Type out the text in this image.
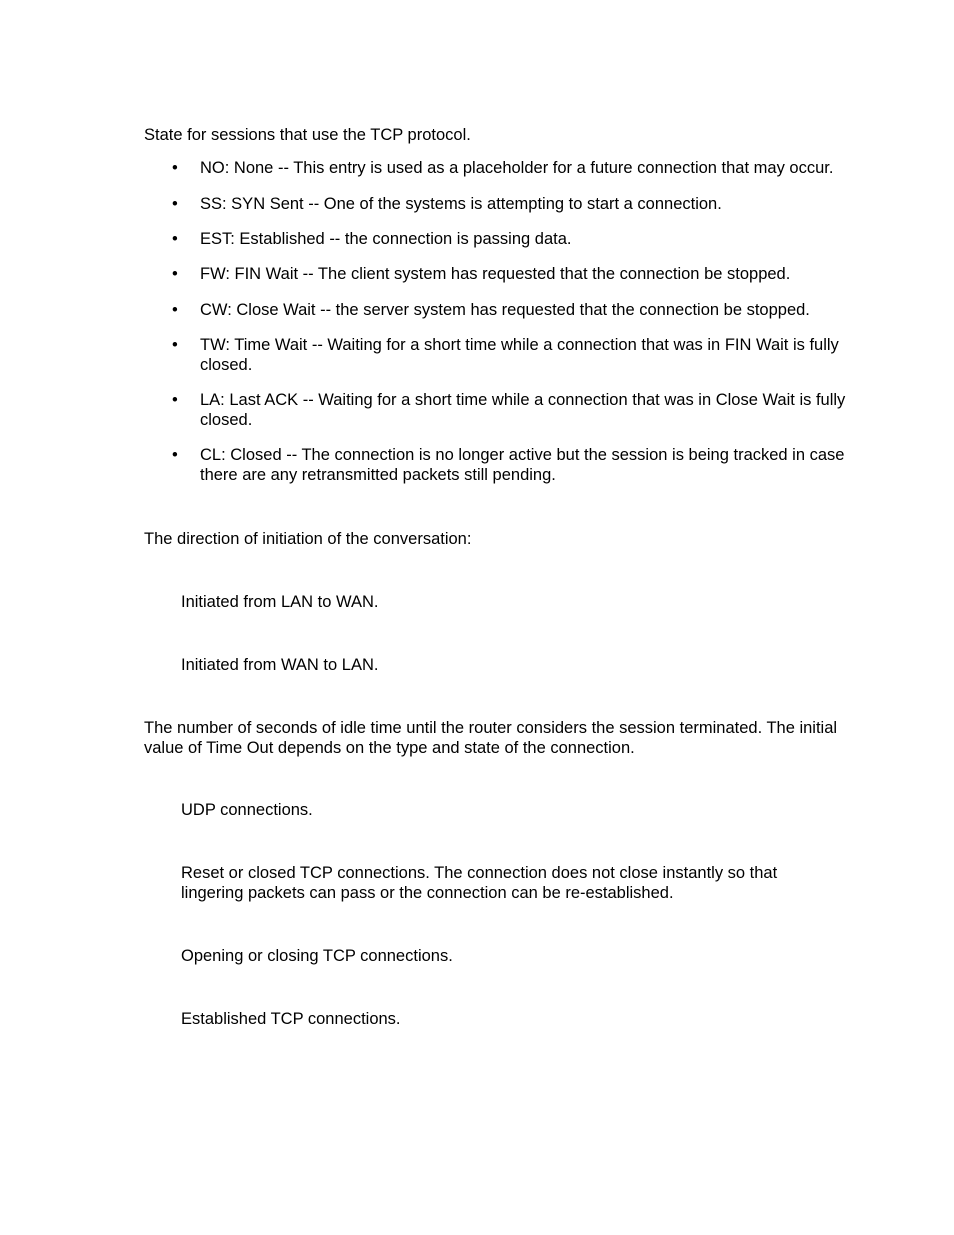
State for sessions that use the TCP protocol.

• NO: None -- This entry is used as a placeholder for a future connection that may occur.
• SS: SYN Sent -- One of the systems is attempting to start a connection.
• EST: Established -- the connection is passing data.
• FW: FIN Wait -- The client system has requested that the connection be stopped.
• CW: Close Wait -- the server system has requested that the connection be stopped.
• TW: Time Wait -- Waiting for a short time while a connection that was in FIN Wait is fully closed.
• LA: Last ACK -- Waiting for a short time while a connection that was in Close Wait is fully closed.
• CL: Closed -- The connection is no longer active but the session is being tracked in case there are any retransmitted packets still pending.

The direction of initiation of the conversation:

Initiated from LAN to WAN.

Initiated from WAN to LAN.

The number of seconds of idle time until the router considers the session terminated. The initial value of Time Out depends on the type and state of the connection.

UDP connections.

Reset or closed TCP connections. The connection does not close instantly so that lingering packets can pass or the connection can be re-established.

Opening or closing TCP connections.

Established TCP connections.
